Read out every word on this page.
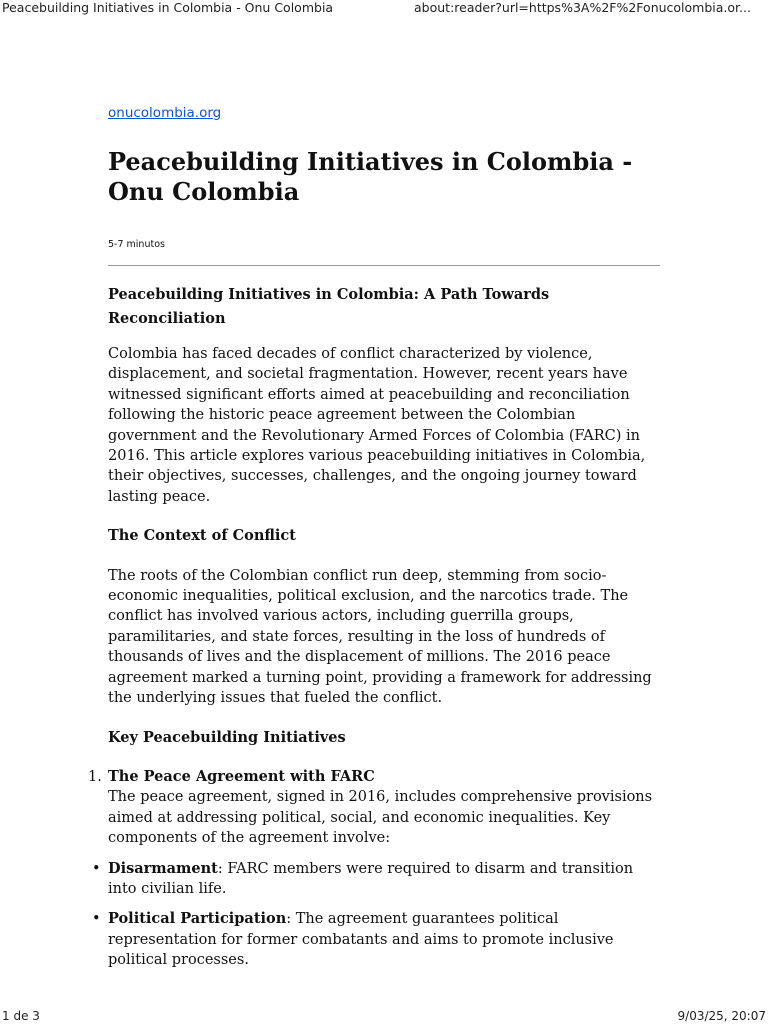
Peacebuilding Initiatives in Colombia - Onu Colombia	about:reader?url=https%3A%2F%2Fonucolombia.or...
onucolombia.org
Peacebuilding Initiatives in Colombia - Onu Colombia
5-7 minutos
Peacebuilding Initiatives in Colombia: A Path Towards Reconciliation

Colombia has faced decades of conflict characterized by violence, displacement, and societal fragmentation. However, recent years have witnessed significant efforts aimed at peacebuilding and reconciliation following the historic peace agreement between the Colombian government and the Revolutionary Armed Forces of Colombia (FARC) in 2016. This article explores various peacebuilding initiatives in Colombia, their objectives, successes, challenges, and the ongoing journey toward lasting peace.

The Context of Conflict

The roots of the Colombian conflict run deep, stemming from socio-economic inequalities, political exclusion, and the narcotics trade. The conflict has involved various actors, including guerrilla groups, paramilitaries, and state forces, resulting in the loss of hundreds of thousands of lives and the displacement of millions. The 2016 peace agreement marked a turning point, providing a framework for addressing the underlying issues that fueled the conflict.

Key Peacebuilding Initiatives
1. The Peace Agreement with FARC
The peace agreement, signed in 2016, includes comprehensive provisions aimed at addressing political, social, and economic inequalities. Key components of the agreement involve:
• Disarmament: FARC members were required to disarm and transition into civilian life.
• Political Participation: The agreement guarantees political representation for former combatants and aims to promote inclusive political processes.
1 de 3	9/03/25, 20:07
